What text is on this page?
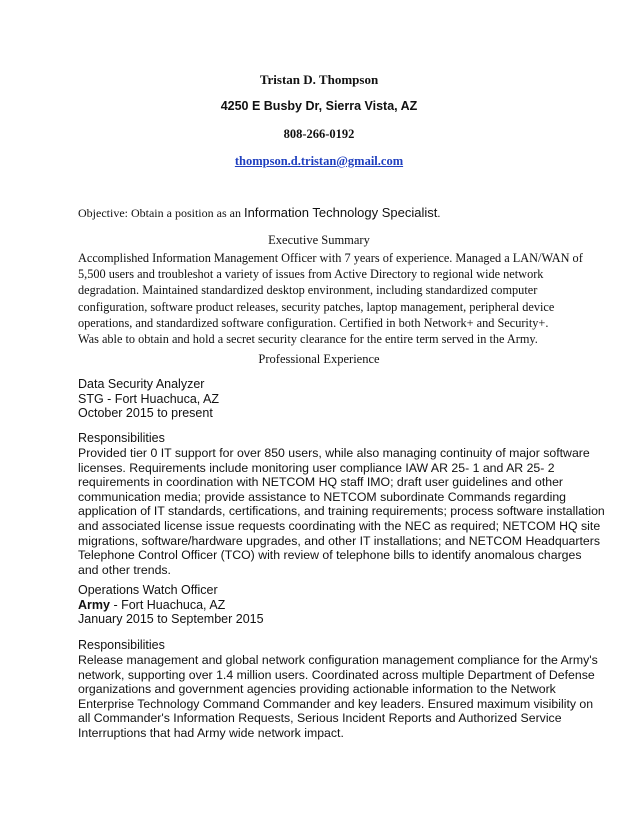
Tristan D. Thompson
4250 E Busby Dr, Sierra Vista, AZ
808-266-0192
thompson.d.tristan@gmail.com
Objective: Obtain a position as an Information Technology Specialist.
Executive Summary
Accomplished Information Management Officer with 7 years of experience. Managed a LAN/WAN of
5,500 users and troubleshot a variety of issues from Active Directory to regional wide network
degradation. Maintained standardized desktop environment, including standardized computer
configuration, software product releases, security patches, laptop management, peripheral device
operations, and standardized software configuration. Certified in both Network+ and Security+.
Was able to obtain and hold a secret security clearance for the entire term served in the Army.
Professional Experience
Data Security Analyzer
STG - Fort Huachuca, AZ
October 2015 to present
Responsibilities
Provided tier 0 IT support for over 850 users, while also managing continuity of major software
licenses. Requirements include monitoring user compliance IAW AR 25- 1 and AR 25- 2
requirements in coordination with NETCOM HQ staff IMO; draft user guidelines and other
communication media; provide assistance to NETCOM subordinate Commands regarding
application of IT standards, certifications, and training requirements; process software installation
and associated license issue requests coordinating with the NEC as required; NETCOM HQ site
migrations, software/hardware upgrades, and other IT installations; and NETCOM Headquarters
Telephone Control Officer (TCO) with review of telephone bills to identify anomalous charges
and other trends.
Operations Watch Officer
Army - Fort Huachuca, AZ
January 2015 to September 2015
Responsibilities
Release management and global network configuration management compliance for the Army's
network, supporting over 1.4 million users. Coordinated across multiple Department of Defense
organizations and government agencies providing actionable information to the Network
Enterprise Technology Command Commander and key leaders. Ensured maximum visibility on
all Commander's Information Requests, Serious Incident Reports and Authorized Service
Interruptions that had Army wide network impact.
